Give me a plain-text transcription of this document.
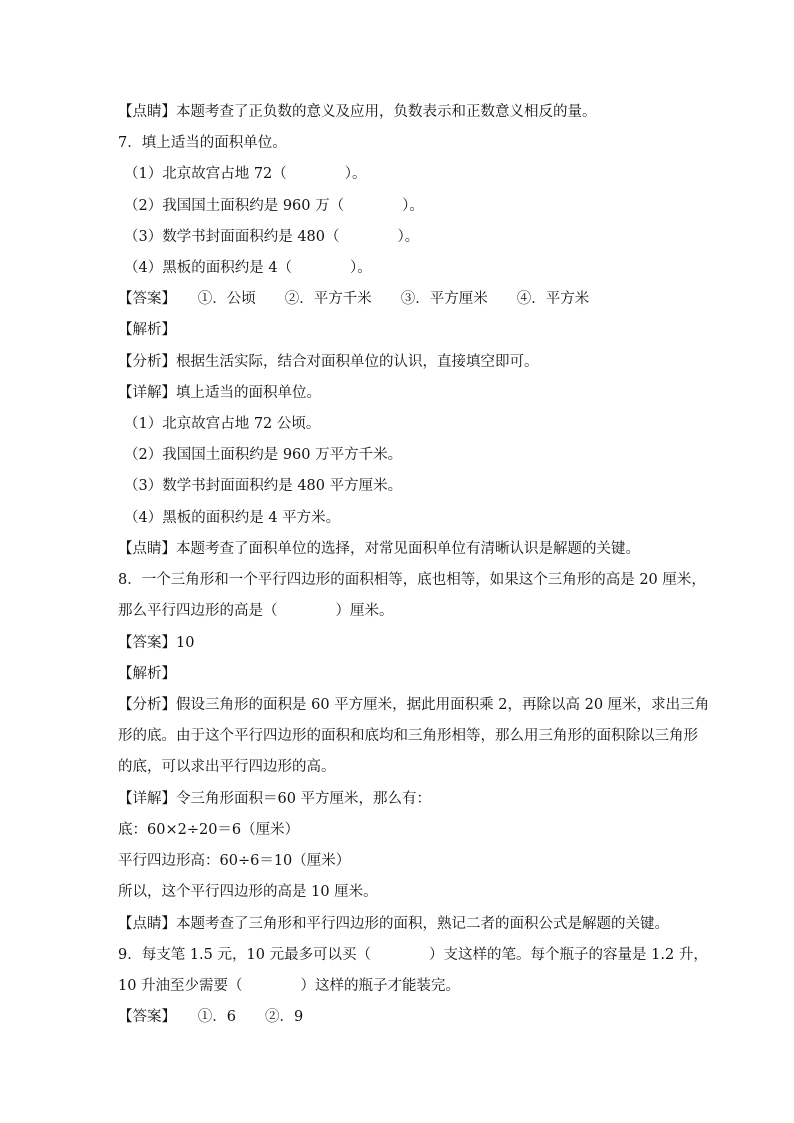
【点睛】本题考查了正负数的意义及应用，负数表示和正数意义相反的量。
7．填上适当的面积单位。
（1）北京故宫占地 72（　　　　）。
（2）我国国土面积约是 960 万（　　　　）。
（3）数学书封面面积约是 480（　　　　）。
（4）黑板的面积约是 4（　　　　）。
【答案】　　①．公顷　　②．平方千米　　③．平方厘米　　④．平方米
【解析】
【分析】根据生活实际，结合对面积单位的认识，直接填空即可。
【详解】填上适当的面积单位。
（1）北京故宫占地 72 公顷。
（2）我国国土面积约是 960 万平方千米。
（3）数学书封面面积约是 480 平方厘米。
（4）黑板的面积约是 4 平方米。
【点睛】本题考查了面积单位的选择，对常见面积单位有清晰认识是解题的关键。
8．一个三角形和一个平行四边形的面积相等，底也相等，如果这个三角形的高是 20 厘米，
那么平行四边形的高是（　　　　）厘米。
【答案】10
【解析】
【分析】假设三角形的面积是 60 平方厘米，据此用面积乘 2，再除以高 20 厘米，求出三角
形的底。由于这个平行四边形的面积和底均和三角形相等，那么用三角形的面积除以三角形
的底，可以求出平行四边形的高。
【详解】令三角形面积＝60 平方厘米，那么有：
底：60×2÷20＝6（厘米）
平行四边形高：60÷6＝10（厘米）
所以，这个平行四边形的高是 10 厘米。
【点睛】本题考查了三角形和平行四边形的面积，熟记二者的面积公式是解题的关键。
9．每支笔 1.5 元，10 元最多可以买（　　　　）支这样的笔。每个瓶子的容量是 1.2 升，
10 升油至少需要（　　　　）这样的瓶子才能装完。
【答案】　　①．6　　②．9
